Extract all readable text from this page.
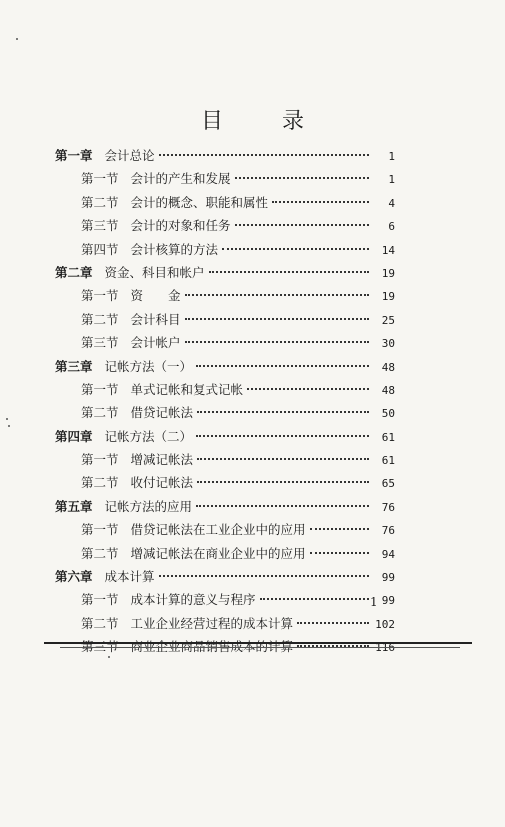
目 录
第一章 会计总论	1
第一节 会计的产生和发展	1
第二节 会计的概念、职能和属性	4
第三节 会计的对象和任务	6
第四节 会计核算的方法	14
第二章 资金、科目和帐户	19
第一节 资　　金	19
第二节 会计科目	25
第三节 会计帐户	30
第三章 记帐方法（一）	48
第一节 单式记帐和复式记帐	48
第二节 借贷记帐法	50
第四章 记帐方法（二）	61
第一节 增减记帐法	61
第二节 收付记帐法	65
第五章 记帐方法的应用	76
第一节 借贷记帐法在工业企业中的应用	76
第二节 增减记帐法在商业企业中的应用	94
第六章 成本计算	99
第一节 成本计算的意义与程序	99
第二节 工业企业经营过程的成本计算	102
第三节 商业企业商品销售成本的计算	116
1
